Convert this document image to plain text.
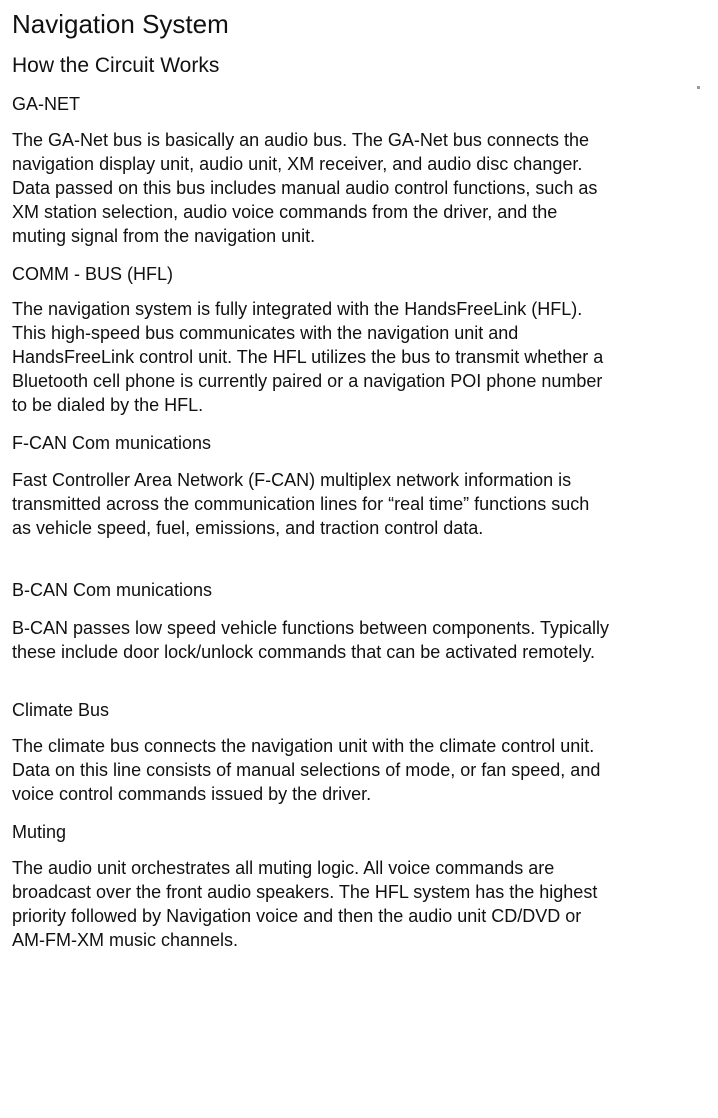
Navigation System
How the Circuit Works
GA-NET
The GA-Net bus is basically an audio bus. The GA-Net bus connects the
navigation display unit, audio unit, XM receiver, and audio disc changer.
Data passed on this bus includes manual audio control functions, such as
XM station selection, audio voice commands from the driver, and the
muting signal from the navigation unit.
COMM - BUS (HFL)
The navigation system is fully integrated with the HandsFreeLink (HFL).
This high-speed bus communicates with the navigation unit and
HandsFreeLink control unit. The HFL utilizes the bus to transmit whether a
Bluetooth cell phone is currently paired or a navigation POI phone number
to be dialed by the HFL.
F-CAN Com munications
Fast Controller Area Network (F-CAN) multiplex network information is
transmitted across the communication lines for “real time” functions such
as vehicle speed, fuel, emissions, and traction control data.
B-CAN Com munications
B-CAN passes low speed vehicle functions between components. Typically
these include door lock/unlock commands that can be activated remotely.
Climate Bus
The climate bus connects the navigation unit with the climate control unit.
Data on this line consists of manual selections of mode, or fan speed, and
voice control commands issued by the driver.
Muting
The audio unit orchestrates all muting logic. All voice commands are
broadcast over the front audio speakers. The HFL system has the highest
priority followed by Navigation voice and then the audio unit CD/DVD or
AM-FM-XM music channels.
